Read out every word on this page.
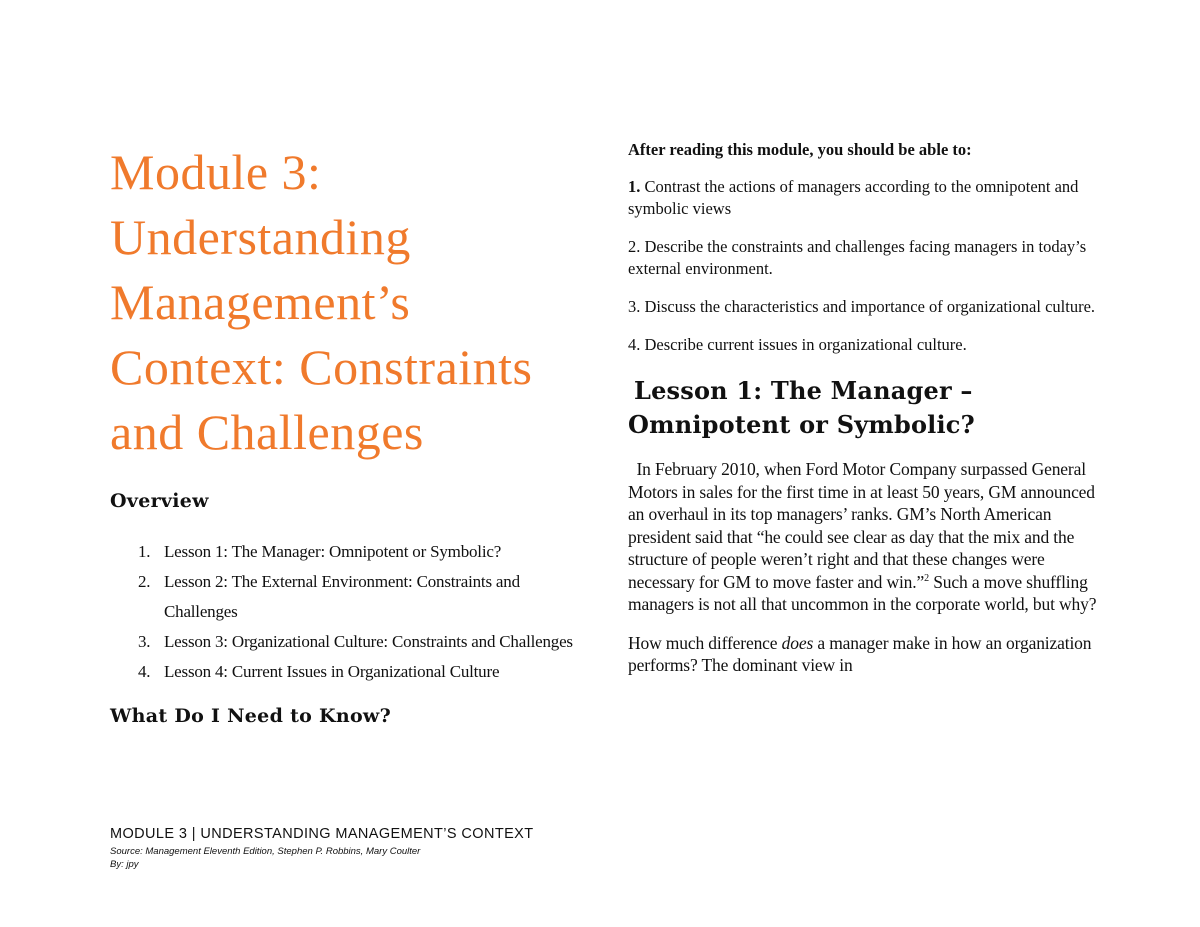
Module 3:
Understanding
Management’s
Context: Constraints
and Challenges
Overview
1. Lesson 1: The Manager: Omnipotent or Symbolic?
2. Lesson 2: The External Environment: Constraints and Challenges
3. Lesson 3: Organizational Culture: Constraints and Challenges
4. Lesson 4: Current Issues in Organizational Culture
What Do I Need to Know?

After reading this module, you should be able to:

1. Contrast the actions of managers according to the omnipotent and symbolic views

2. Describe the constraints and challenges facing managers in today’s external environment.

3. Discuss the characteristics and importance of organizational culture.

4. Describe current issues in organizational culture.

Lesson 1: The Manager –
Omnipotent or Symbolic?

In February 2010, when Ford Motor Company surpassed General Motors in sales for the first time in at least 50 years, GM announced an overhaul in its top managers’ ranks. GM’s North American president said that “he could see clear as day that the mix and the structure of people weren’t right and that these changes were necessary for GM to move faster and win.”$^2$ Such a move shuffling managers is not all that uncommon in the corporate world, but why?

How much difference does a manager make in how an organization performs? The dominant view in

MODULE 3 | UNDERSTANDING MANAGEMENT’S CONTEXT
Source: Management Eleventh Edition, Stephen P. Robbins, Mary Coulter
By: jpy
